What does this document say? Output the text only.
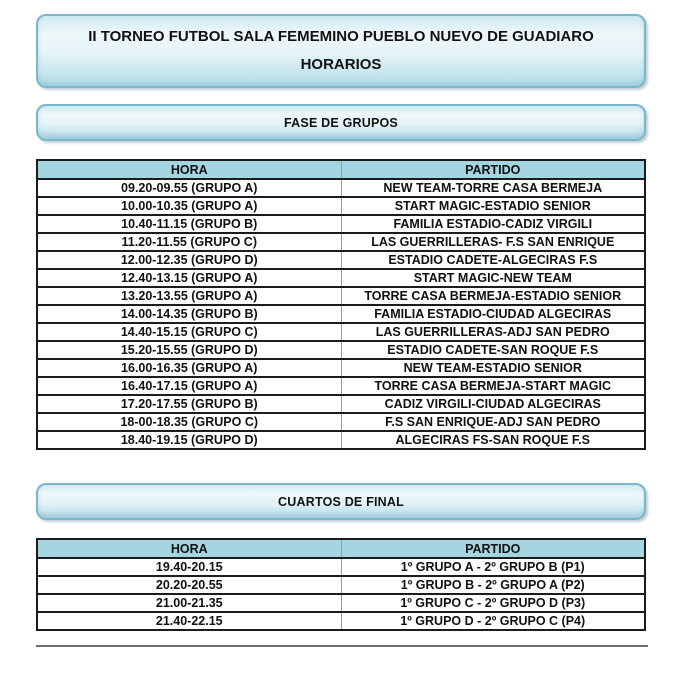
II TORNEO FUTBOL SALA FEMEMINO PUEBLO NUEVO DE GUADIARO
HORARIOS
FASE DE GRUPOS
HORA	PARTIDO
09.20-09.55 (GRUPO A)	NEW TEAM-TORRE CASA BERMEJA
10.00-10.35 (GRUPO A)	START MAGIC-ESTADIO SENIOR
10.40-11.15 (GRUPO B)	FAMILIA ESTADIO-CADIZ VIRGILI
11.20-11.55 (GRUPO C)	LAS GUERRILLERAS- F.S SAN ENRIQUE
12.00-12.35 (GRUPO D)	ESTADIO CADETE-ALGECIRAS F.S
12.40-13.15 (GRUPO A)	START MAGIC-NEW TEAM
13.20-13.55 (GRUPO A)	TORRE CASA BERMEJA-ESTADIO SENIOR
14.00-14.35 (GRUPO B)	FAMILIA ESTADIO-CIUDAD ALGECIRAS
14.40-15.15 (GRUPO C)	LAS GUERRILLERAS-ADJ SAN PEDRO
15.20-15.55 (GRUPO D)	ESTADIO CADETE-SAN ROQUE F.S
16.00-16.35 (GRUPO A)	NEW TEAM-ESTADIO SENIOR
16.40-17.15 (GRUPO A)	TORRE CASA BERMEJA-START MAGIC
17.20-17.55 (GRUPO B)	CADIZ VIRGILI-CIUDAD ALGECIRAS
18-00-18.35 (GRUPO C)	F.S SAN ENRIQUE-ADJ SAN PEDRO
18.40-19.15 (GRUPO D)	ALGECIRAS FS-SAN ROQUE F.S
CUARTOS DE FINAL
HORA	PARTIDO
19.40-20.15	1º GRUPO A - 2º GRUPO B (P1)
20.20-20.55	1º GRUPO B - 2º GRUPO A (P2)
21.00-21.35	1º GRUPO C - 2º GRUPO D (P3)
21.40-22.15	1º GRUPO D - 2º GRUPO C (P4)
